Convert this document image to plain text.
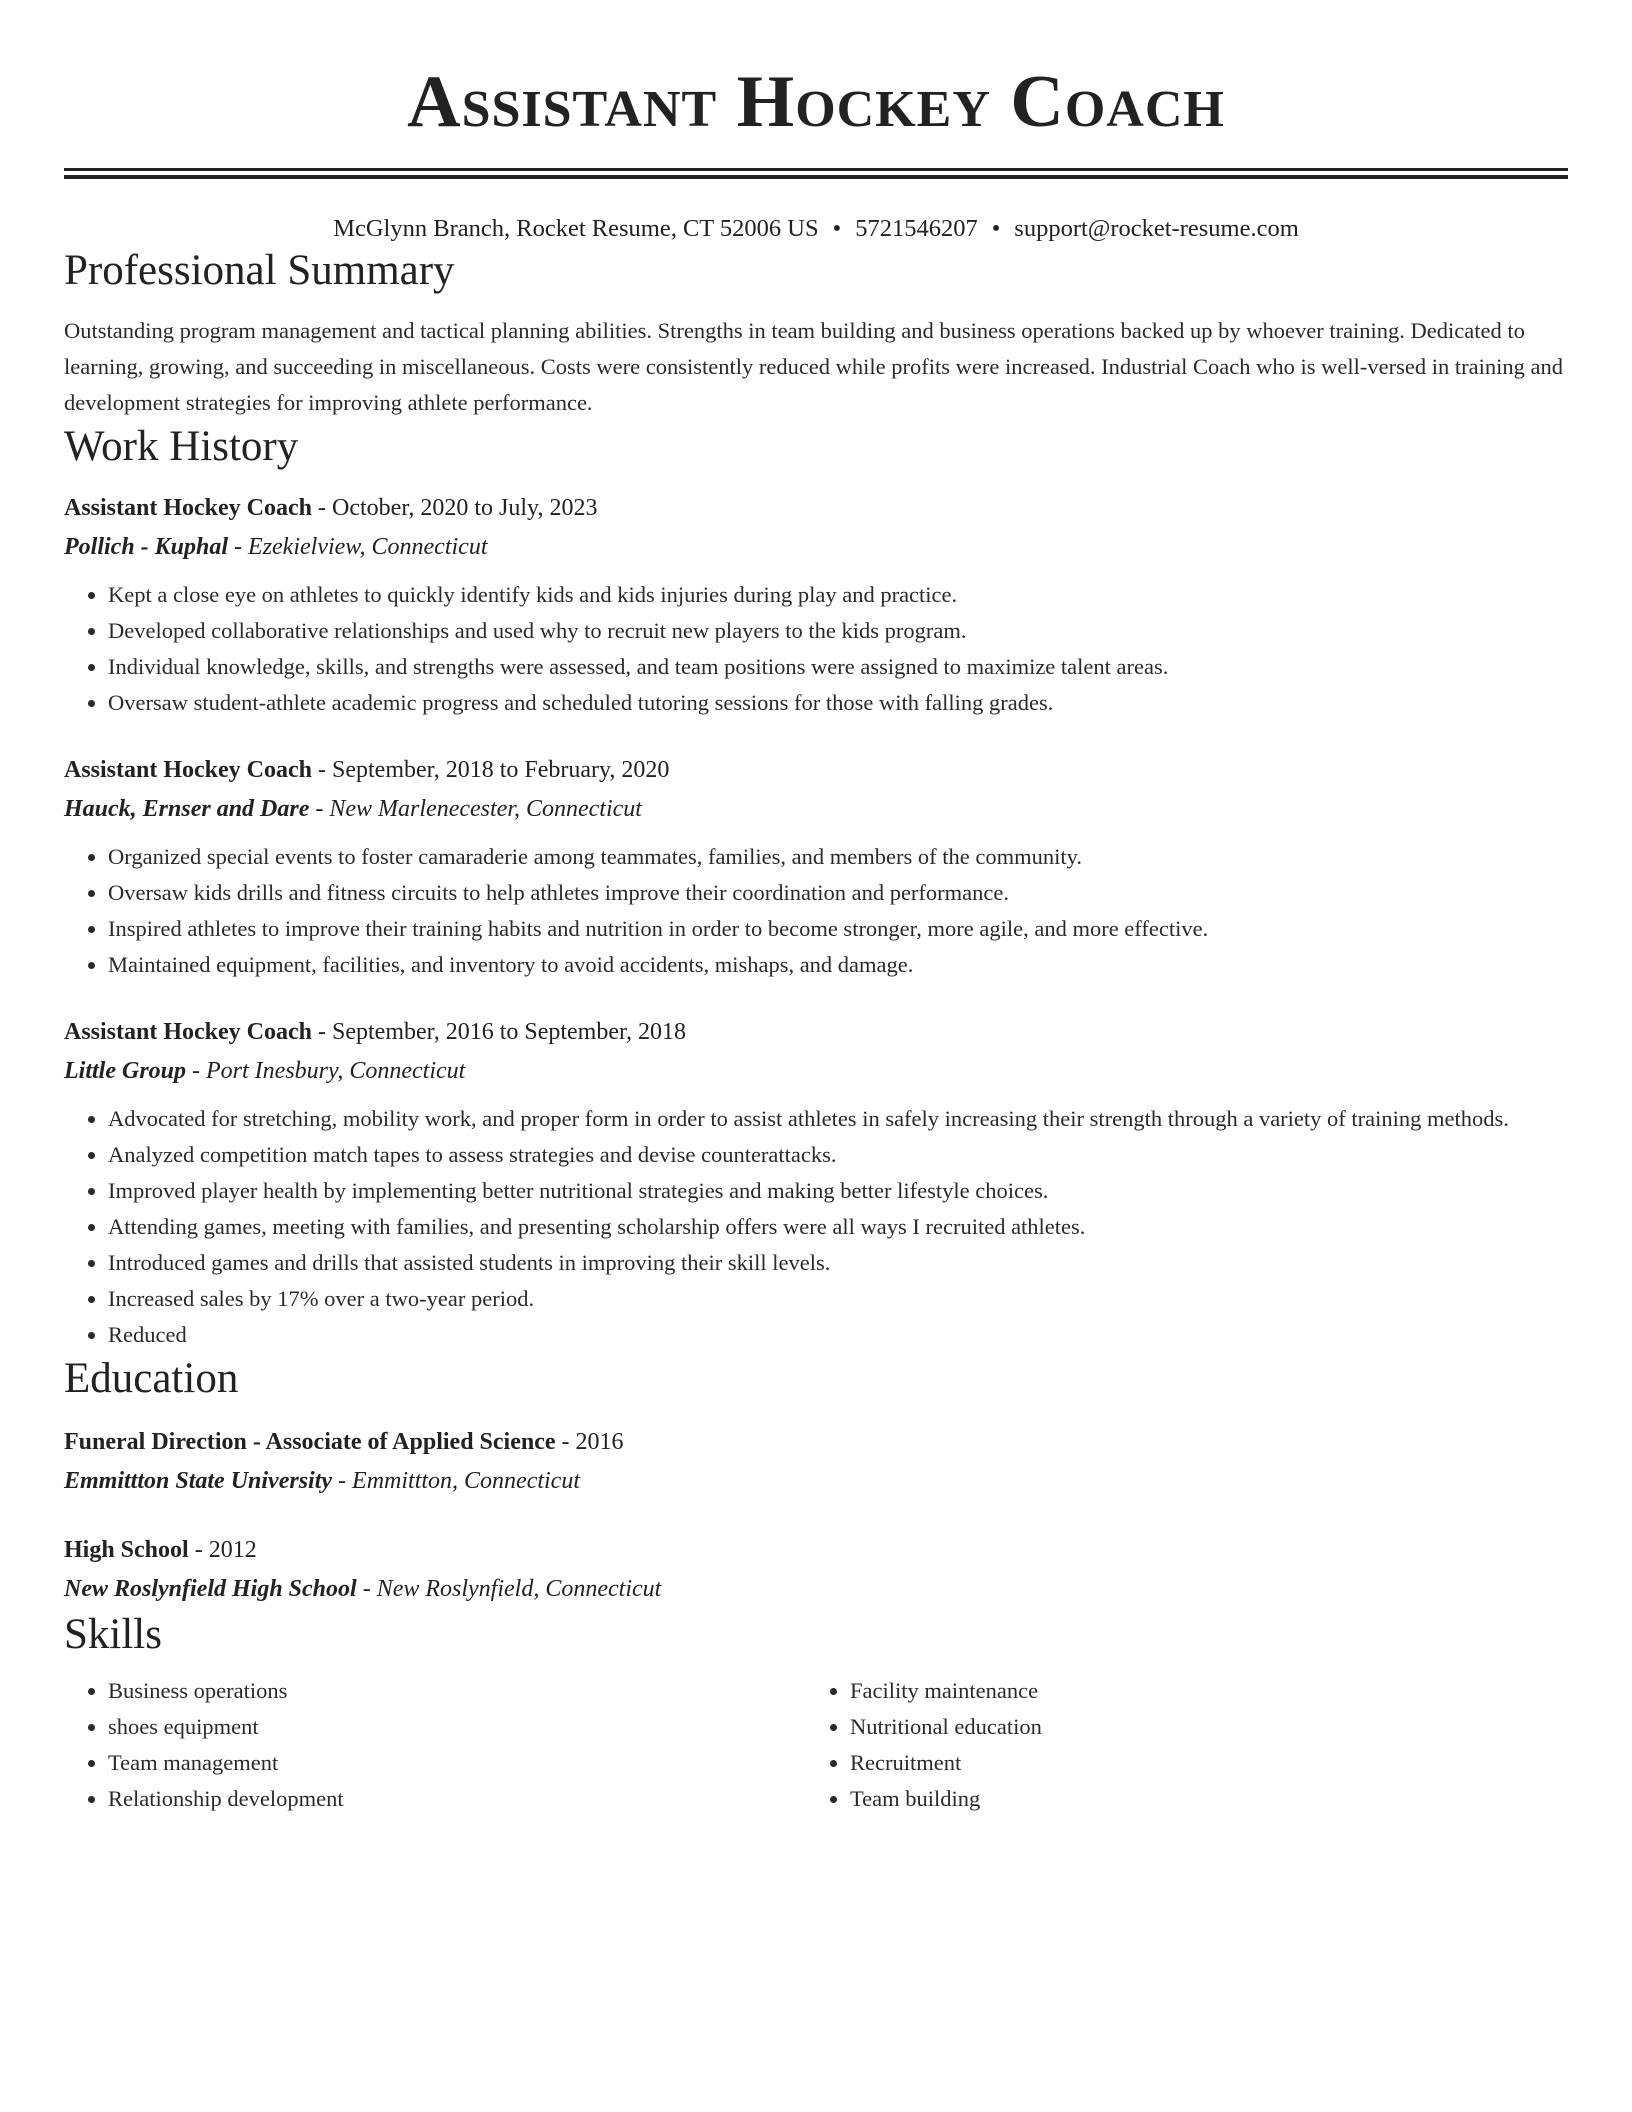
Assistant Hockey Coach
McGlynn Branch, Rocket Resume, CT 52006 US • 5721546207 • support@rocket-resume.com
Professional Summary

Outstanding program management and tactical planning abilities. Strengths in team building and business operations backed up by whoever training. Dedicated to learning, growing, and succeeding in miscellaneous. Costs were consistently reduced while profits were increased. Industrial Coach who is well-versed in training and development strategies for improving athlete performance.

Work History
Assistant Hockey Coach - October, 2020 to July, 2023
Pollich - Kuphal - Ezekielview, Connecticut
• Kept a close eye on athletes to quickly identify kids and kids injuries during play and practice.
• Developed collaborative relationships and used why to recruit new players to the kids program.
• Individual knowledge, skills, and strengths were assessed, and team positions were assigned to maximize talent areas.
• Oversaw student-athlete academic progress and scheduled tutoring sessions for those with falling grades.
Assistant Hockey Coach - September, 2018 to February, 2020
Hauck, Ernser and Dare - New Marlenecester, Connecticut
• Organized special events to foster camaraderie among teammates, families, and members of the community.
• Oversaw kids drills and fitness circuits to help athletes improve their coordination and performance.
• Inspired athletes to improve their training habits and nutrition in order to become stronger, more agile, and more effective.
• Maintained equipment, facilities, and inventory to avoid accidents, mishaps, and damage.
Assistant Hockey Coach - September, 2016 to September, 2018
Little Group - Port Inesbury, Connecticut
• Advocated for stretching, mobility work, and proper form in order to assist athletes in safely increasing their strength through a variety of training methods.
• Analyzed competition match tapes to assess strategies and devise counterattacks.
• Improved player health by implementing better nutritional strategies and making better lifestyle choices.
• Attending games, meeting with families, and presenting scholarship offers were all ways I recruited athletes.
• Introduced games and drills that assisted students in improving their skill levels.
• Increased sales by 17% over a two-year period.
• Reduced
Education
Funeral Direction - Associate of Applied Science - 2016
Emmittton State University - Emmittton, Connecticut
High School - 2012
New Roslynfield High School - New Roslynfield, Connecticut
Skills
• Business operations
• shoes equipment
• Team management
• Relationship development
• Facility maintenance
• Nutritional education
• Recruitment
• Team building
